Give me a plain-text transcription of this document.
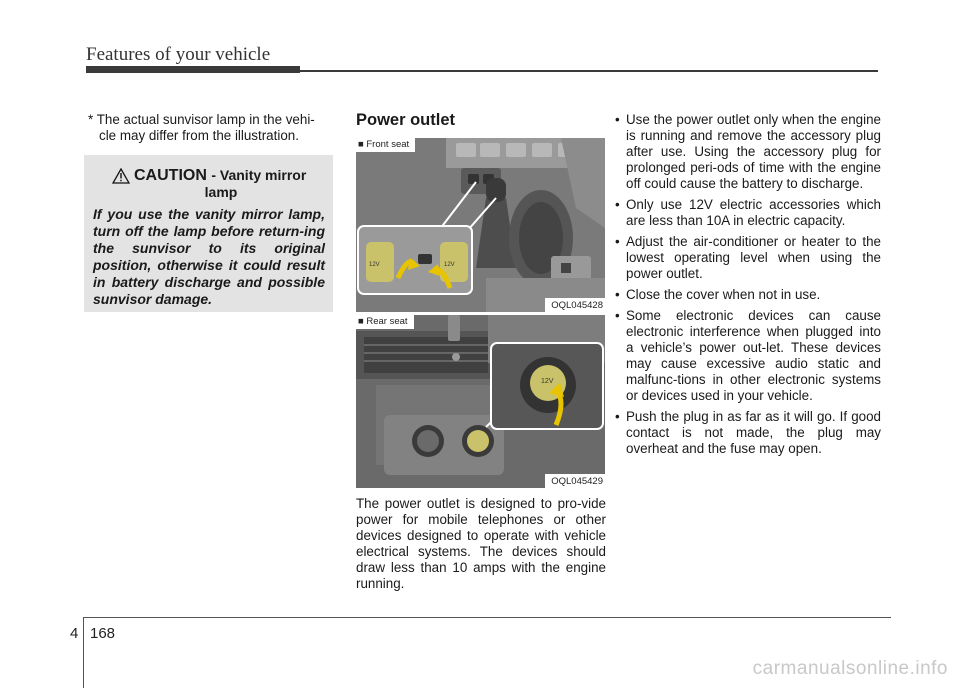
Features of your vehicle
* The actual sunvisor lamp in the vehi-
cle may differ from the illustration.
CAUTION - Vanity mirror
lamp
If you use the vanity mirror lamp, turn off the lamp before return-ing the sunvisor to its original position, otherwise it could result in battery discharge and possible sunvisor damage.
Power outlet
12V	12V
■ Front seat
OQL045428
12V
■ Rear seat
OQL045429
The power outlet is designed to pro-vide power for mobile telephones or other devices designed to operate with vehicle electrical systems. The devices should draw less than 10 amps with the engine running.
• Use the power outlet only when the engine is running and remove the accessory plug after use. Using the accessory plug for prolonged peri-ods of time with the engine off could cause the battery to discharge.
• Only use 12V electric accessories which are less than 10A in electric capacity.
• Adjust the air-conditioner or heater to the lowest operating level when using the power outlet.
• Close the cover when not in use.
• Some electronic devices can cause electronic interference when plugged into a vehicle’s power out-let. These devices may cause excessive audio static and malfunc-tions in other electronic systems or devices used in your vehicle.
• Push the plug in as far as it will go. If good contact is not made, the plug may overheat and the fuse may open.
4 168
carmanualsonline.info
